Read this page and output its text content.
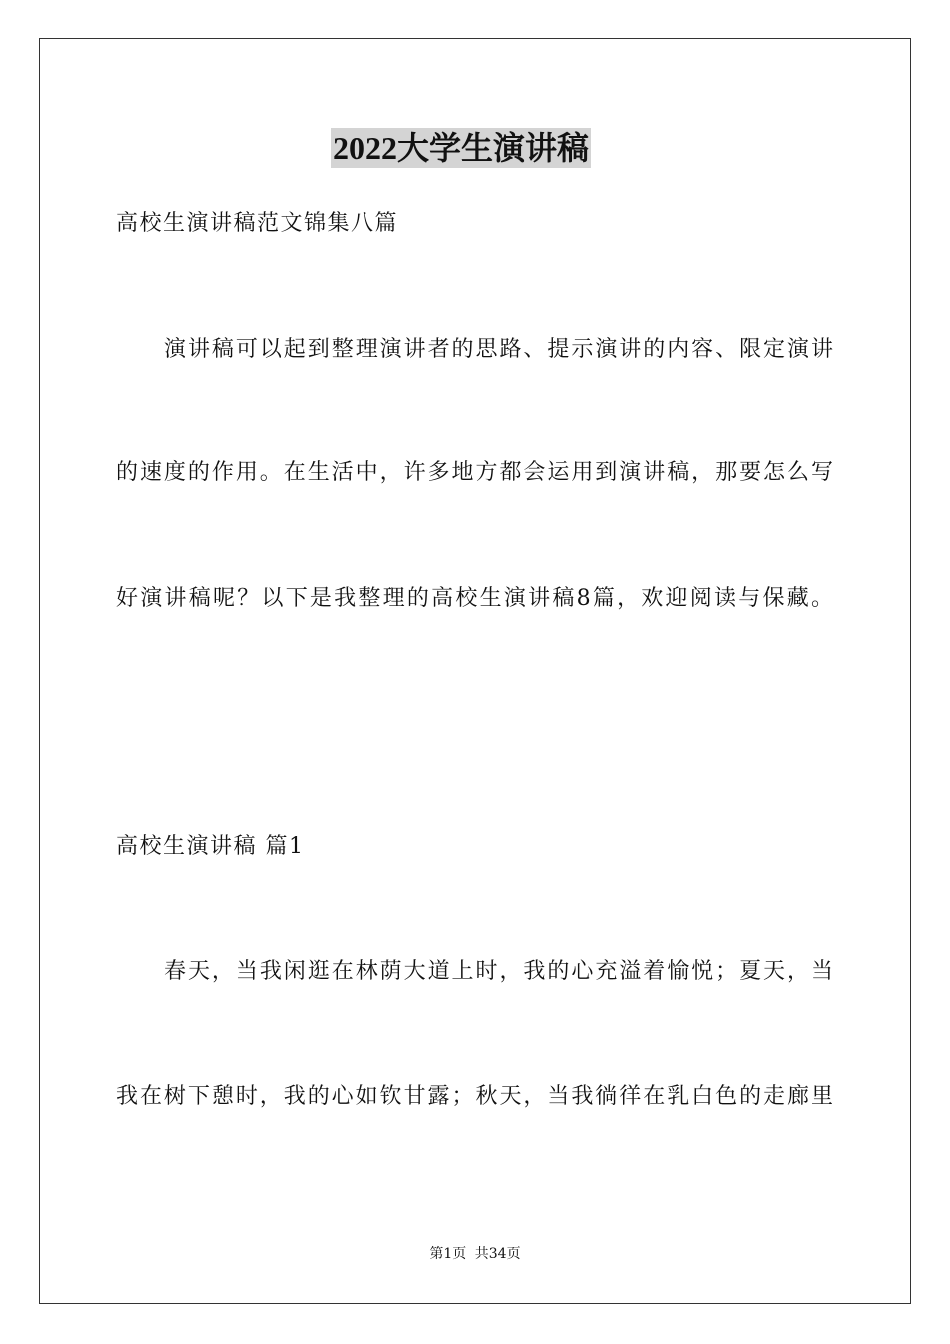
2022大学生演讲稿
高校生演讲稿范文锦集八篇
演讲稿可以起到整理演讲者的思路、提示演讲的内容、限定演讲
的速度的作用。在生活中，许多地方都会运用到演讲稿，那要怎么写
好演讲稿呢？以下是我整理的高校生演讲稿8篇，欢迎阅读与保藏。
高校生演讲稿 篇1
春天，当我闲逛在林荫大道上时，我的心充溢着愉悦；夏天，当
我在树下憩时，我的心如钦甘露；秋天，当我徜徉在乳白色的走廊里
第1页 共34页
